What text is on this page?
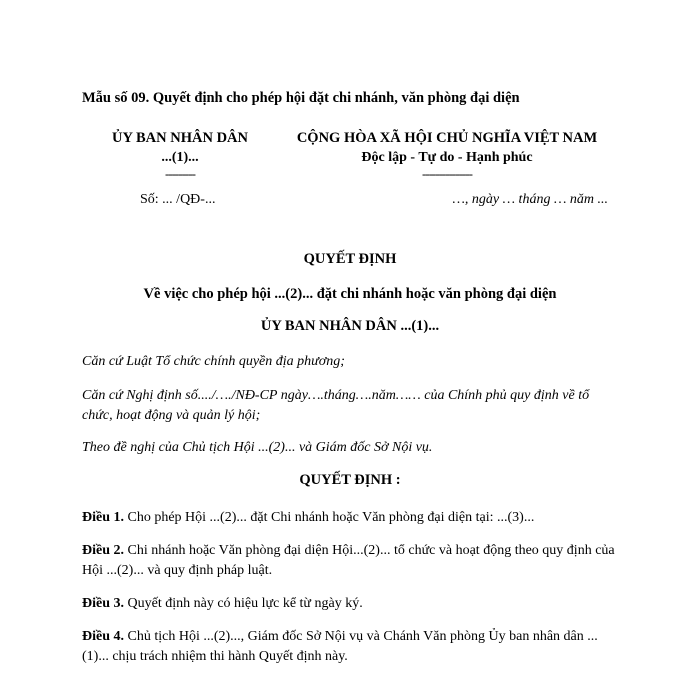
Mẫu số 09. Quyết định cho phép hội đặt chi nhánh, văn phòng đại diện
ỦY BAN NHÂN DÂN
...(1)...
---------
CỘNG HÒA XÃ HỘI CHỦ NGHĨA VIỆT NAM
Độc lập - Tự do - Hạnh phúc
---------------
Số: ... /QĐ-...	…, ngày … tháng … năm ...
QUYẾT ĐỊNH
Về việc cho phép hội ...(2)... đặt chi nhánh hoặc văn phòng đại diện
ỦY BAN NHÂN DÂN ...(1)...
Căn cứ Luật Tổ chức chính quyền địa phương;
Căn cứ Nghị định số..../…./NĐ-CP ngày….tháng….năm…… của Chính phủ quy định về tổ chức, hoạt động và quản lý hội;
Theo đề nghị của Chủ tịch Hội ...(2)... và Giám đốc Sở Nội vụ.
QUYẾT ĐỊNH :
Điều 1. Cho phép Hội ...(2)... đặt Chi nhánh hoặc Văn phòng đại diện tại: ...(3)...
Điều 2. Chi nhánh hoặc Văn phòng đại diện Hội...(2)... tổ chức và hoạt động theo quy định của Hội ...(2)... và quy định pháp luật.
Điều 3. Quyết định này có hiệu lực kể từ ngày ký.
Điều 4. Chủ tịch Hội ...(2)..., Giám đốc Sở Nội vụ và Chánh Văn phòng Ủy ban nhân dân ...(1)... chịu trách nhiệm thi hành Quyết định này.
